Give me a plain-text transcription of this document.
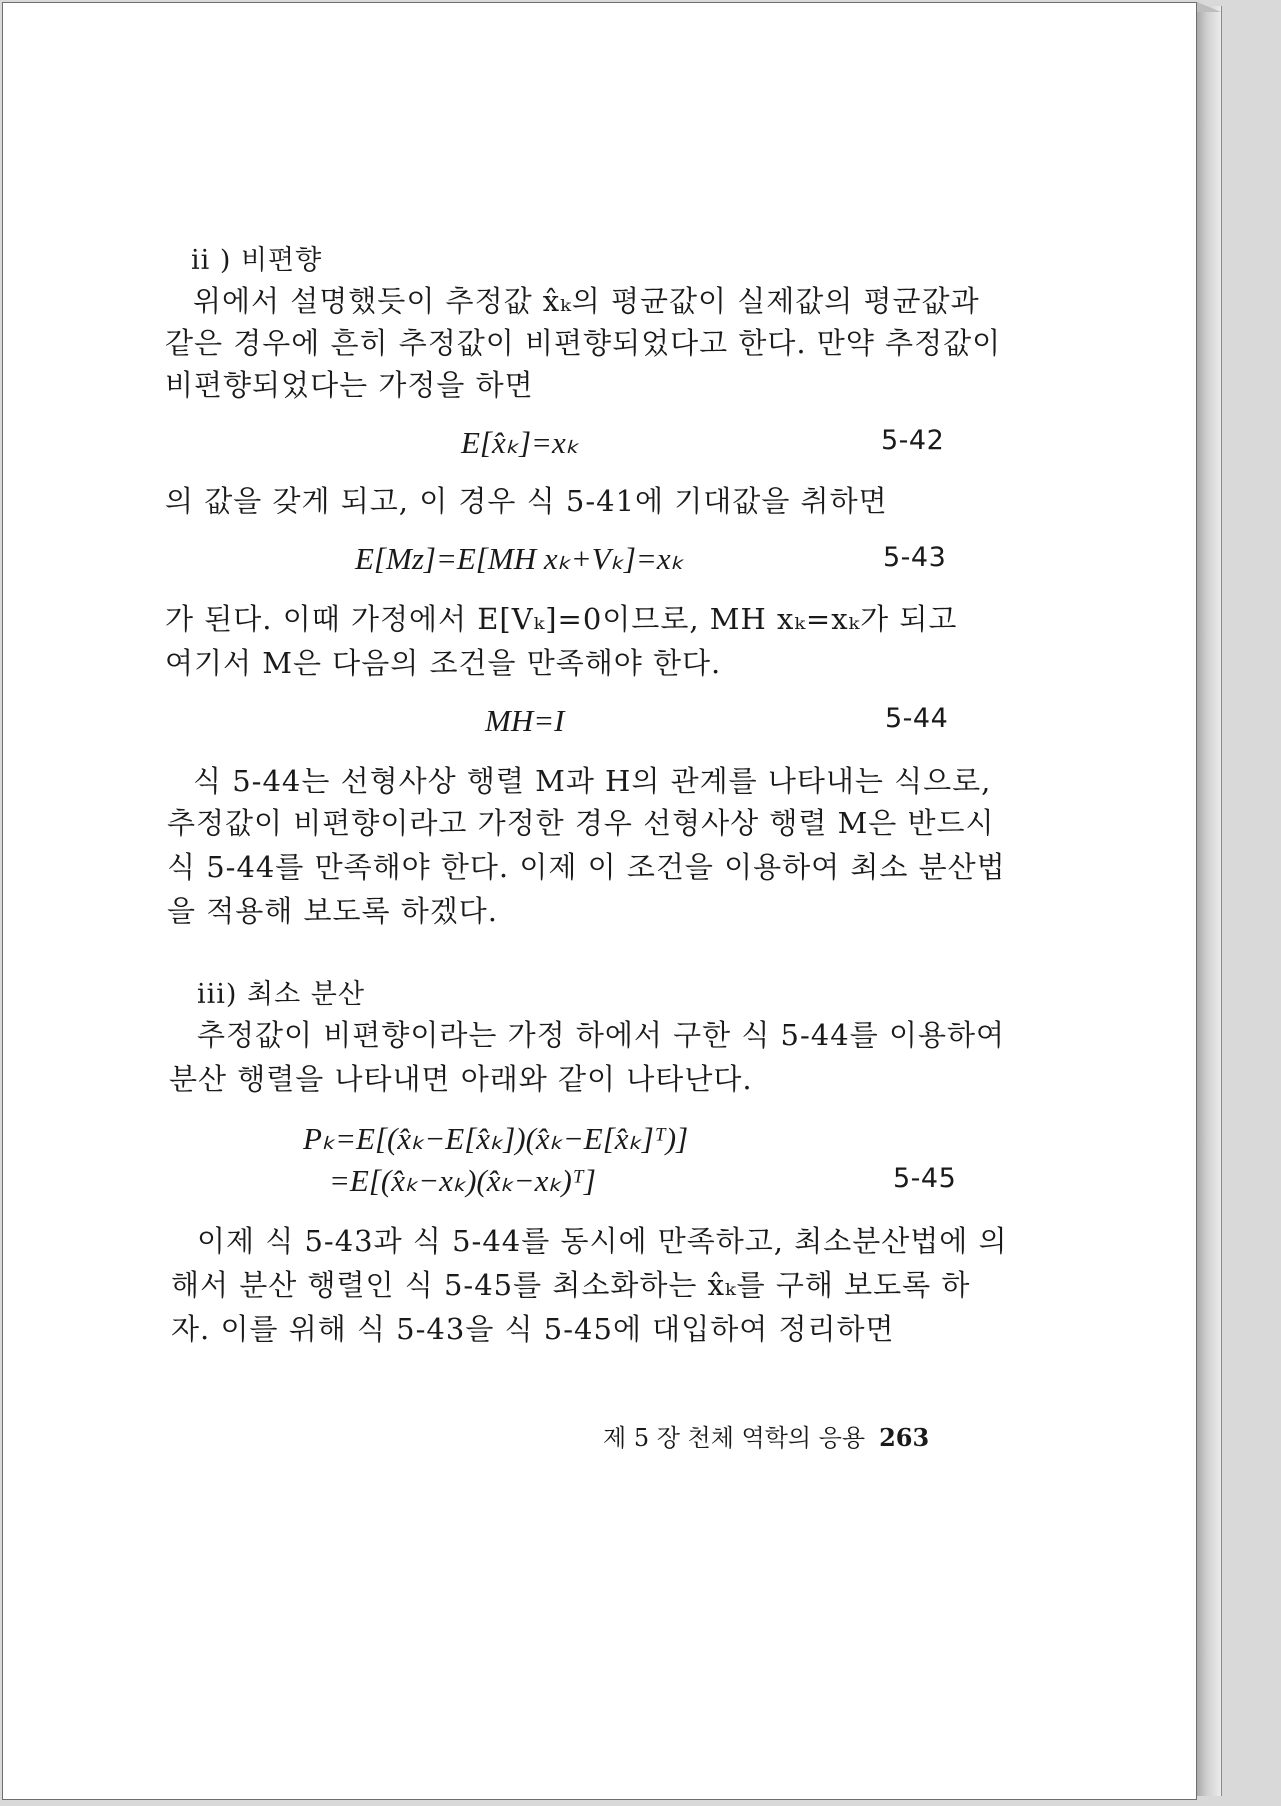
ii ) 비편향
위에서 설명했듯이 추정값 x̂ₖ의 평균값이 실제값의 평균값과
같은 경우에 흔히 추정값이 비편향되었다고 한다. 만약 추정값이
비편향되었다는 가정을 하면
E[x̂ₖ]=xₖ	5-42
의 값을 갖게 되고, 이 경우 식 5-41에 기대값을 취하면
E[Mz]=E[MH xₖ+Vₖ]=xₖ	5-43
가 된다. 이때 가정에서 E[Vₖ]=0이므로, MH xₖ=xₖ가 되고
여기서 M은 다음의 조건을 만족해야 한다.
MH=I	5-44
식 5-44는 선형사상 행렬 M과 H의 관계를 나타내는 식으로,
추정값이 비편향이라고 가정한 경우 선형사상 행렬 M은 반드시
식 5-44를 만족해야 한다. 이제 이 조건을 이용하여 최소 분산법
을 적용해 보도록 하겠다.
iii) 최소 분산
추정값이 비편향이라는 가정 하에서 구한 식 5-44를 이용하여
분산 행렬을 나타내면 아래와 같이 나타난다.
Pₖ=E[(x̂ₖ−E[x̂ₖ])(x̂ₖ−E[x̂ₖ]ᵀ)]
=E[(x̂ₖ−xₖ)(x̂ₖ−xₖ)ᵀ]	5-45
이제 식 5-43과 식 5-44를 동시에 만족하고, 최소분산법에 의
해서 분산 행렬인 식 5-45를 최소화하는 x̂ₖ를 구해 보도록 하
자. 이를 위해 식 5-43을 식 5-45에 대입하여 정리하면
제 5 장 천체 역학의 응용 263
